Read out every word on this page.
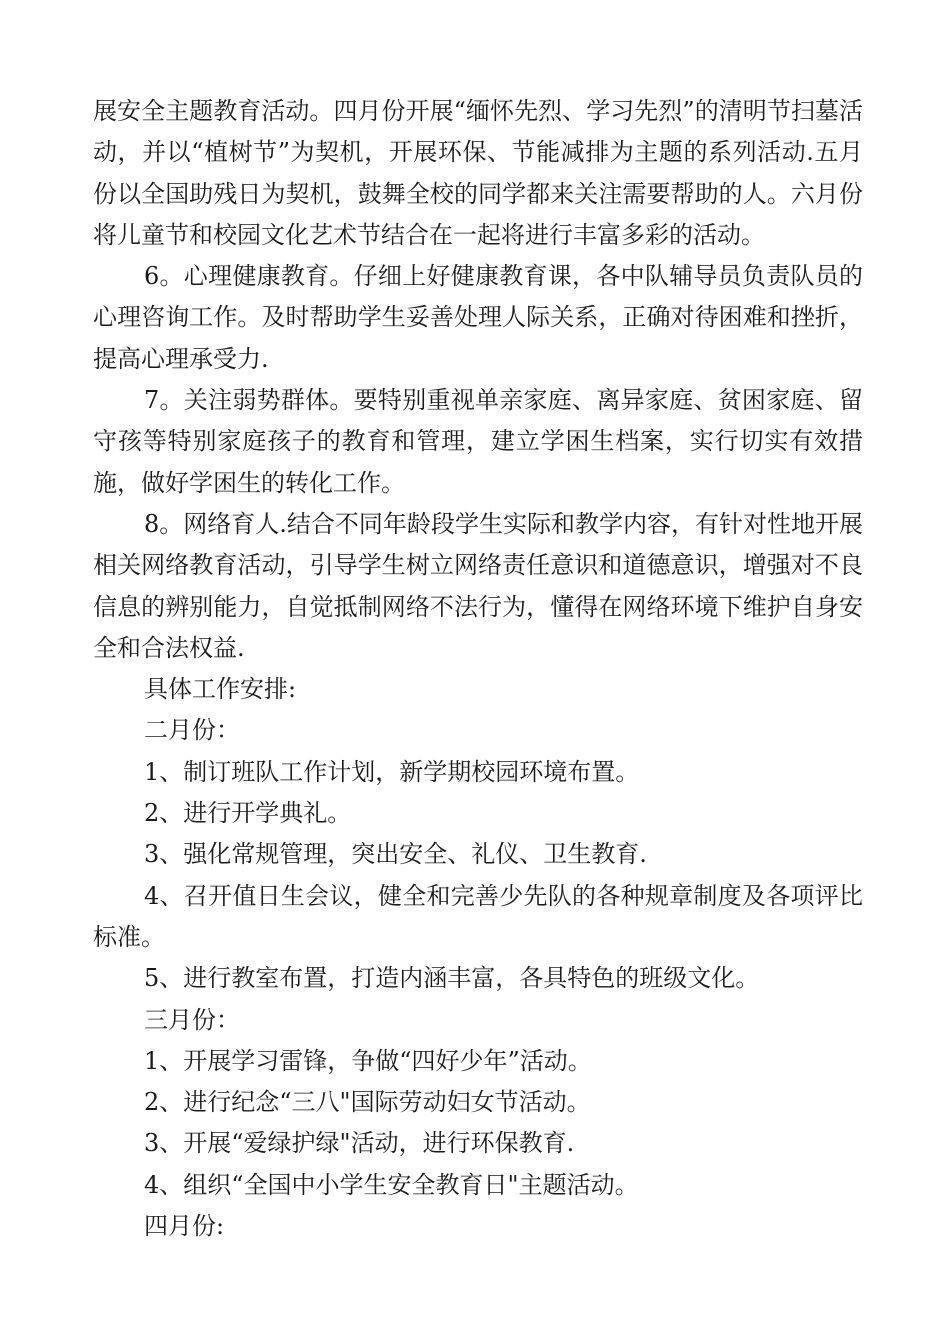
展安全主题教育活动。四月份开展“缅怀先烈、学习先烈”的清明节扫墓活动，并以“植树节”为契机，开展环保、节能减排为主题的系列活动.五月份以全国助残日为契机，鼓舞全校的同学都来关注需要帮助的人。六月份将儿童节和校园文化艺术节结合在一起将进行丰富多彩的活动。

6。心理健康教育。仔细上好健康教育课，各中队辅导员负责队员的心理咨询工作。及时帮助学生妥善处理人际关系，正确对待困难和挫折，提高心理承受力.

7。关注弱势群体。要特别重视单亲家庭、离异家庭、贫困家庭、留守孩等特别家庭孩子的教育和管理，建立学困生档案，实行切实有效措施，做好学困生的转化工作。

8。网络育人.结合不同年龄段学生实际和教学内容，有针对性地开展相关网络教育活动，引导学生树立网络责任意识和道德意识，增强对不良信息的辨别能力，自觉抵制网络不法行为，懂得在网络环境下维护自身安全和合法权益.

具体工作安排:

二月份：

1、制订班队工作计划，新学期校园环境布置。

2、进行开学典礼。

3、强化常规管理，突出安全、礼仪、卫生教育.

4、召开值日生会议，健全和完善少先队的各种规章制度及各项评比标准。

5、进行教室布置，打造内涵丰富，各具特色的班级文化。

三月份：

1、开展学习雷锋，争做“四好少年”活动。

2、进行纪念“三八"国际劳动妇女节活动。

3、开展“爱绿护绿"活动，进行环保教育.

4、组织“全国中小学生安全教育日"主题活动。

四月份:
